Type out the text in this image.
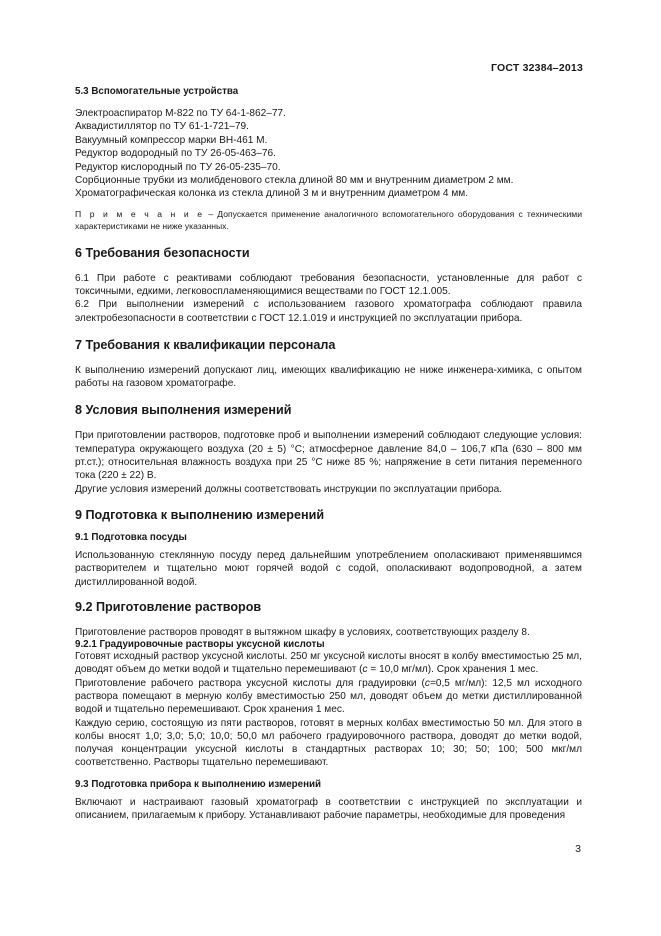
ГОСТ 32384–2013

5.3 Вспомогательные устройства

Электроаспиратор М-822 по ТУ 64-1-862–77.

Аквадистиллятор по ТУ 61-1-721–79.

Вакуумный компрессор марки ВН-461 М.

Редуктор водородный по ТУ 26-05-463–76.

Редуктор кислородный по ТУ 26-05-235–70.

Сорбционные трубки из молибденового стекла длиной 80 мм и внутренним диаметром 2 мм.

Хроматографическая колонка из стекла длиной 3 м и внутренним диаметром 4 мм.

П р и м е ч а н и е – Допускается применение аналогичного вспомогательного оборудования с техническими характеристиками не ниже указанных.

6 Требования безопасности

6.1 При работе с реактивами соблюдают требования безопасности, установленные для работ с токсичными, едкими, легковоспламеняющимися веществами по ГОСТ 12.1.005.

6.2 При выполнении измерений с использованием газового хроматографа соблюдают правила электробезопасности в соответствии с ГОСТ 12.1.019 и инструкцией по эксплуатации прибора.

7 Требования к квалификации персонала

К выполнению измерений допускают лиц, имеющих квалификацию не ниже инженера-химика, с опытом работы на газовом хроматографе.

8 Условия выполнения измерений

При приготовлении растворов, подготовке проб и выполнении измерений соблюдают следующие условия: температура окружающего воздуха (20 ± 5) °С; атмосферное давление 84,0 – 106,7 кПа (630 – 800 мм рт.ст.); относительная влажность воздуха при 25 °С ниже 85 %; напряжение в сети питания переменного тока (220 ± 22) В.

Другие условия измерений должны соответствовать инструкции по эксплуатации прибора.

9 Подготовка к выполнению измерений

9.1 Подготовка посуды

Использованную стеклянную посуду перед дальнейшим употреблением ополаскивают применявшимся растворителем и тщательно моют горячей водой с содой, ополаскивают водопроводной, а затем дистиллированной водой.

9.2 Приготовление растворов

Приготовление растворов проводят в вытяжном шкафу в условиях, соответствующих разделу 8.

9.2.1 Градуировочные растворы уксусной кислоты

Готовят исходный раствор уксусной кислоты. 250 мг уксусной кислоты вносят в колбу вместимостью 25 мл, доводят объем до метки водой и тщательно перемешивают (с = 10,0 мг/мл). Срок хранения 1 мес.

Приготовление рабочего раствора уксусной кислоты для градуировки (с=0,5 мг/мл): 12,5 мл исходного раствора помещают в мерную колбу вместимостью 250 мл, доводят объем до метки дистиллированной водой и тщательно перемешивают. Срок хранения 1 мес.

Каждую серию, состоящую из пяти растворов, готовят в мерных колбах вместимостью 50 мл. Для этого в колбы вносят 1,0; 3,0; 5,0; 10,0; 50,0 мл рабочего градуировочного раствора, доводят до метки водой, получая концентрации уксусной кислоты в стандартных растворах 10; 30; 50; 100; 500 мкг/мл соответственно. Растворы тщательно перемешивают.

9.3 Подготовка прибора к выполнению измерений

Включают и настраивают газовый хроматограф в соответствии с инструкцией по эксплуатации и описанием, прилагаемым к прибору. Устанавливают рабочие параметры, необходимые для проведения

3
